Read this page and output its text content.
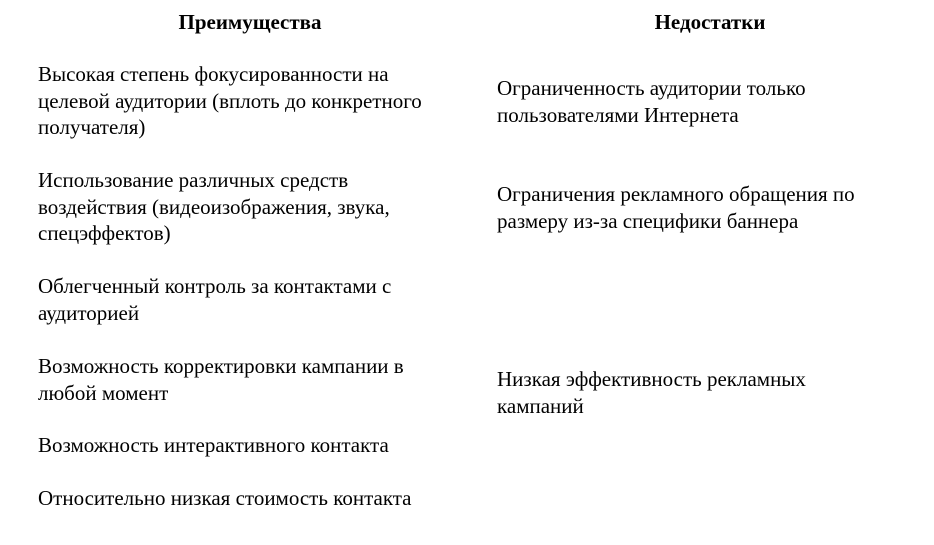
Преимущества	Недостатки
Высокая степень фокусированности на
целевой аудитории (вплоть до конкретного
получателя)
Использование различных средств
воздействия (видеоизображения, звука,
спецэффектов)
Облегченный контроль за контактами с
аудиторией
Возможность корректировки кампании в
любой момент
Возможность интерактивного контакта
Относительно низкая стоимость контакта
Ограниченность аудитории только
пользователями Интернета
Ограничения рекламного обращения по
размеру из-за специфики баннера
Низкая эффективность рекламных
кампаний
